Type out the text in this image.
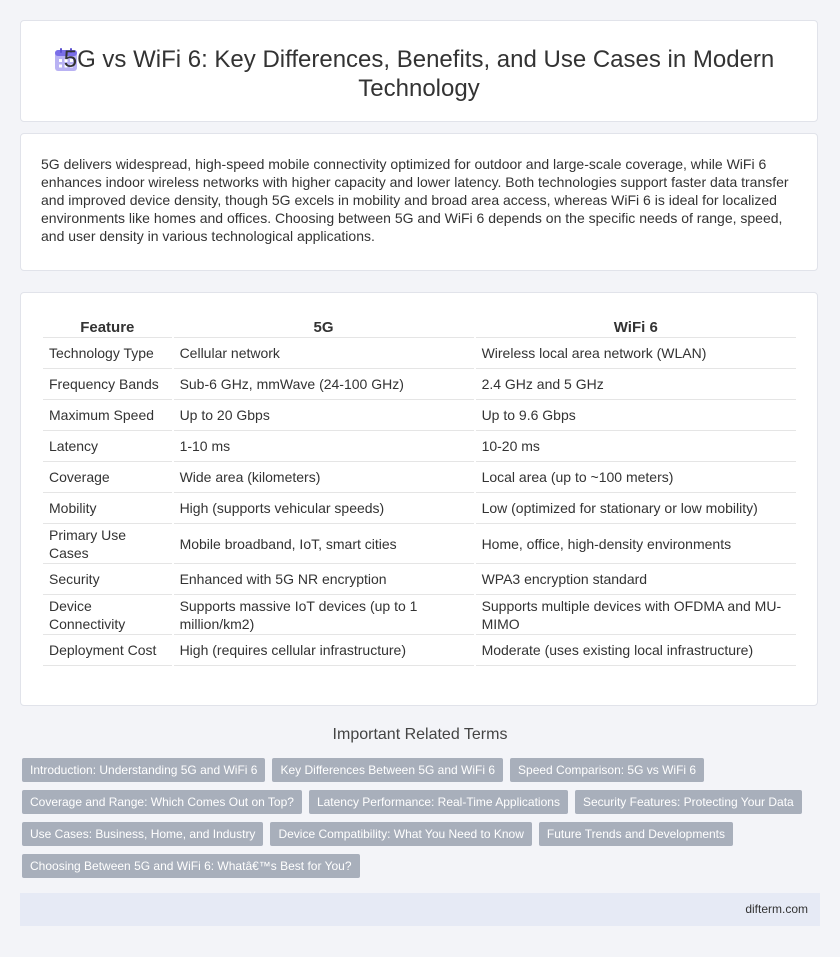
5G vs WiFi 6: Key Differences, Benefits, and Use Cases in Modern
Technology

5G delivers widespread, high-speed mobile connectivity optimized for outdoor and large-scale coverage, while WiFi 6 enhances indoor wireless networks with higher capacity and lower latency. Both technologies support faster data transfer and improved device density, though 5G excels in mobility and broad area access, whereas WiFi 6 is ideal for localized environments like homes and offices. Choosing between 5G and WiFi 6 depends on the specific needs of range, speed, and user density in various technological applications.

Feature	5G	WiFi 6
Technology Type	Cellular network	Wireless local area network (WLAN)
Frequency Bands	Sub-6 GHz, mmWave (24-100 GHz)	2.4 GHz and 5 GHz
Maximum Speed	Up to 20 Gbps	Up to 9.6 Gbps
Latency	1-10 ms	10-20 ms
Coverage	Wide area (kilometers)	Local area (up to ~100 meters)
Mobility	High (supports vehicular speeds)	Low (optimized for stationary or low mobility)
Primary Use Cases	Mobile broadband, IoT, smart cities	Home, office, high-density environments
Security	Enhanced with 5G NR encryption	WPA3 encryption standard
Device Connectivity	Supports massive IoT devices (up to 1 million/km2)	Supports multiple devices with OFDMA and MU-MIMO
Deployment Cost	High (requires cellular infrastructure)	Moderate (uses existing local infrastructure)
Important Related Terms
Introduction: Understanding 5G and WiFi 6	Key Differences Between 5G and WiFi 6	Speed Comparison: 5G vs WiFi 6
Coverage and Range: Which Comes Out on Top?	Latency Performance: Real-Time Applications	Security Features: Protecting Your Data
Use Cases: Business, Home, and Industry	Device Compatibility: What You Need to Know	Future Trends and Developments
Choosing Between 5G and WiFi 6: Whatâ€™s Best for You?
difterm.com
